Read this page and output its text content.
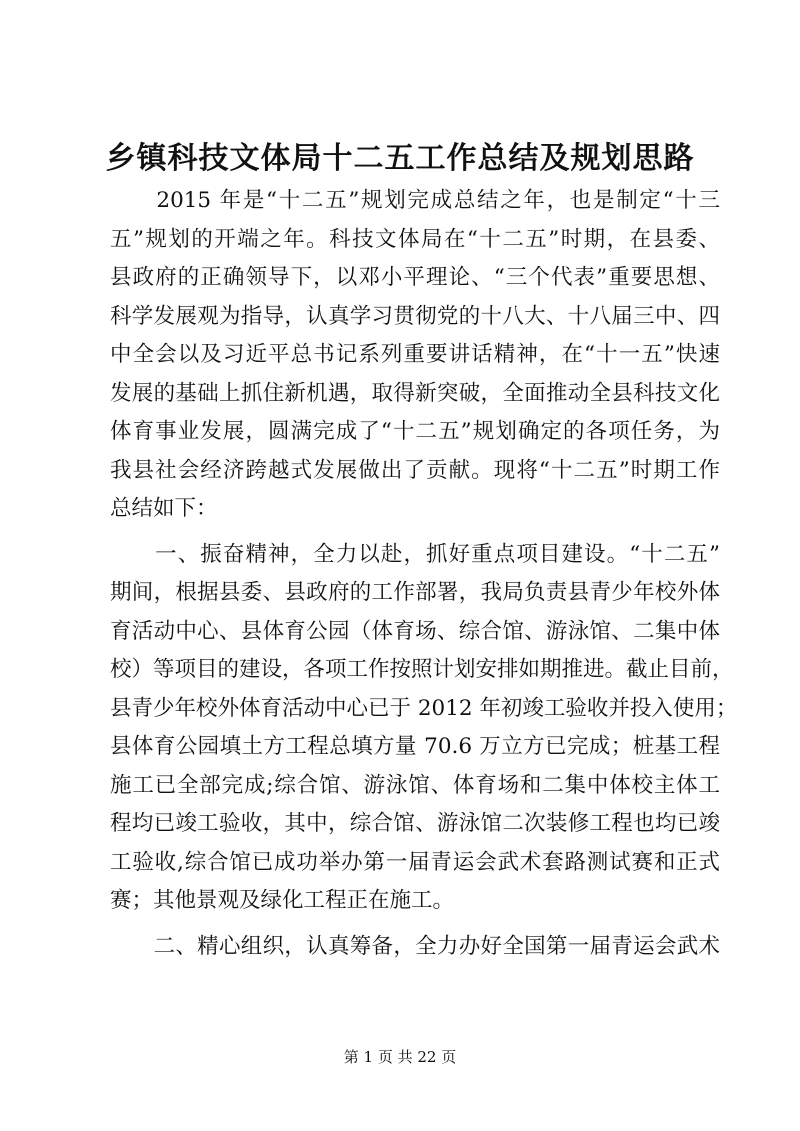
乡镇科技文体局十二五工作总结及规划思路
　　2015 年是“十二五”规划完成总结之年，也是制定“十三
五”规划的开端之年。科技文体局在“十二五”时期，在县委、
县政府的正确领导下，以邓小平理论、“三个代表”重要思想、
科学发展观为指导，认真学习贯彻党的十八大、十八届三中、四
中全会以及习近平总书记系列重要讲话精神，在“十一五”快速
发展的基础上抓住新机遇，取得新突破，全面推动全县科技文化
体育事业发展，圆满完成了“十二五”规划确定的各项任务，为
我县社会经济跨越式发展做出了贡献。现将“十二五”时期工作
总结如下：
　　一、振奋精神，全力以赴，抓好重点项目建设。“十二五”
期间，根据县委、县政府的工作部署，我局负责县青少年校外体
育活动中心、县体育公园（体育场、综合馆、游泳馆、二集中体
校）等项目的建设，各项工作按照计划安排如期推进。截止目前，
县青少年校外体育活动中心已于 2012 年初竣工验收并投入使用；
县体育公园填土方工程总填方量 70.6 万立方已完成；桩基工程
施工已全部完成;综合馆、游泳馆、体育场和二集中体校主体工
程均已竣工验收，其中，综合馆、游泳馆二次装修工程也均已竣
工验收,综合馆已成功举办第一届青运会武术套路测试赛和正式
赛；其他景观及绿化工程正在施工。
　　二、精心组织，认真筹备，全力办好全国第一届青运会武术
第 1 页 共 22 页
